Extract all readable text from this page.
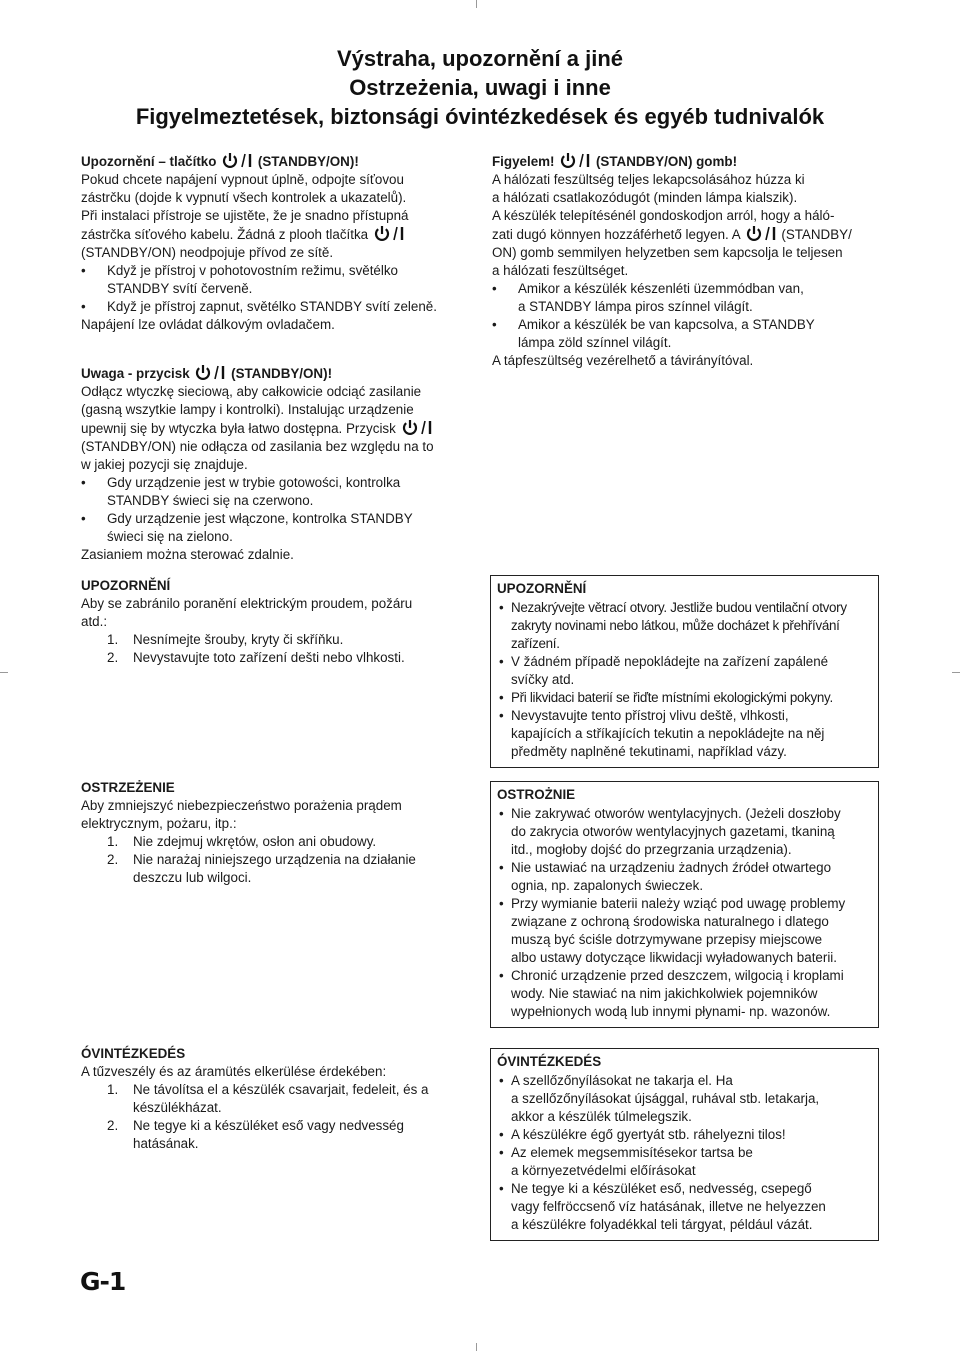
Výstraha, upozornění a jiné
Ostrzeżenia, uwagi i inne
Figyelmeztetések, biztonsági óvintézkedések és egyéb tudnivalók

Upozornění – tlačítko	(STANDBY/ON)!

Pokud chcete napájení vypnout úplně, odpojte síťovou

zástrčku (dojde k vypnutí všech kontrolek a ukazatelů).

Při instalaci přístroje se ujistěte, že je snadno přístupná

zástrčka síťového kabelu. Žádná z plooh tlačítka

(STANDBY/ON) neodpojuje přívod ze sítě.

• Když je přístroj v pohotovostním režimu, světélko
STANDBY svítí červeně.

• Když je přístroj zapnut, světélko STANDBY svítí zeleně.

Napájení lze ovládat dálkovým ovladačem.

Uwaga - przycisk	(STANDBY/ON)!

Odłącz wtyczkę sieciową, aby całkowicie odciąć zasilanie

(gasną wszytkie lampy i kontrolki). Instalując urządzenie

upewnij się by wtyczka była łatwo dostępna. Przycisk

(STANDBY/ON) nie odłącza od zasilania bez względu na to

w jakiej pozycji się znajduje.

• Gdy urządzenie jest w trybie gotowości, kontrolka
STANDBY świeci się na czerwono.

• Gdy urządzenie jest włączone, kontrolka STANDBY
świeci się na zielono.

Zasianiem można sterować zdalnie.

Figyelem!	(STANDBY/ON) gomb!

A hálózati feszültség teljes lekapcsolásához húzza ki

a hálózati csatlakozódugót (minden lámpa kialszik).

A készülék telepítésénél gondoskodjon arról, hogy a háló-

zati dugó könnyen hozzáférhető legyen. A	(STANDBY/

ON) gomb semmilyen helyzetben sem kapcsolja le teljesen

a hálózati feszültséget.

• Amikor a készülék készenléti üzemmódban van,
a STANDBY lámpa piros színnel világít.

• Amikor a készülék be van kapcsolva, a STANDBY
lámpa zöld színnel világít.

A tápfeszültség vezérelhető a távirányítóval.

UPOZORNĚNÍ

Aby se zabránilo poranění elektrickým proudem, požáru

atd.:

1. Nesnímejte šrouby, kryty či skříňku.

2. Nevystavujte toto zařízení dešti nebo vlhkosti.

OSTRZEŻENIE

Aby zmniejszyć niebezpieczeństwo porażenia prądem

elektrycznym, pożaru, itp.:

1. Nie zdejmuj wkrętów, osłon ani obudowy.

2. Nie narażaj niniejszego urządzenia na działanie
deszczu lub wilgoci.

ÓVINTÉZKEDÉS

A tűzveszély és az áramütés elkerülése érdekében:

1. Ne távolítsa el a készülék csavarjait, fedeleit, és a
készülékházat.

2. Ne tegye ki a készüléket eső vagy nedvesség
hatásának.

UPOZORNĚNÍ

• Nezakrývejte větrací otvory. Jestliže budou ventilační otvory
zakryty novinami nebo látkou, může docházet k přehřívání
zařízení.

• V žádném případě nepokládejte na zařízení zapálené
svíčky atd.

• Při likvidaci baterií se řiďte místními ekologickými pokyny.

• Nevystavujte tento přístroj vlivu deště, vlhkosti,
kapajících a stříkajících tekutin a nepokládejte na něj
předměty naplněné tekutinami, například vázy.

OSTROŻNIE

• Nie zakrywać otworów wentylacyjnych. (Jeżeli doszłoby
do zakrycia otworów wentylacyjnych gazetami, tkaniną
itd., mogłoby dojść do przegrzania urządzenia).

• Nie ustawiać na urządzeniu żadnych źródeł otwartego
ognia, np. zapalonych świeczek.

• Przy wymianie baterii należy wziąć pod uwagę problemy
związane z ochroną środowiska naturalnego i dlatego
muszą być ściśle dotrzymywane przepisy miejscowe
albo ustawy dotyczące likwidacji wyładowanych baterii.

• Chronić urządzenie przed deszczem, wilgocią i kroplami
wody. Nie stawiać na nim jakichkolwiek pojemników
wypełnionych wodą lub innymi płynami- np. wazonów.

ÓVINTÉZKEDÉS

• A szellőzőnyílásokat ne takarja el. Ha
a szellőzőnyílásokat újsággal, ruhával stb. letakarja,
akkor a készülék túlmelegszik.

• A készülékre égő gyertyát stb. ráhelyezni tilos!

• Az elemek megsemmisítésekor tartsa be
a környezetvédelmi előírásokat

• Ne tegye ki a készüléket eső, nedvesség, csepegő
vagy felfröccsenő víz hatásának, illetve ne helyezzen
a készülékre folyadékkal teli tárgyat, például vázát.

G-1
